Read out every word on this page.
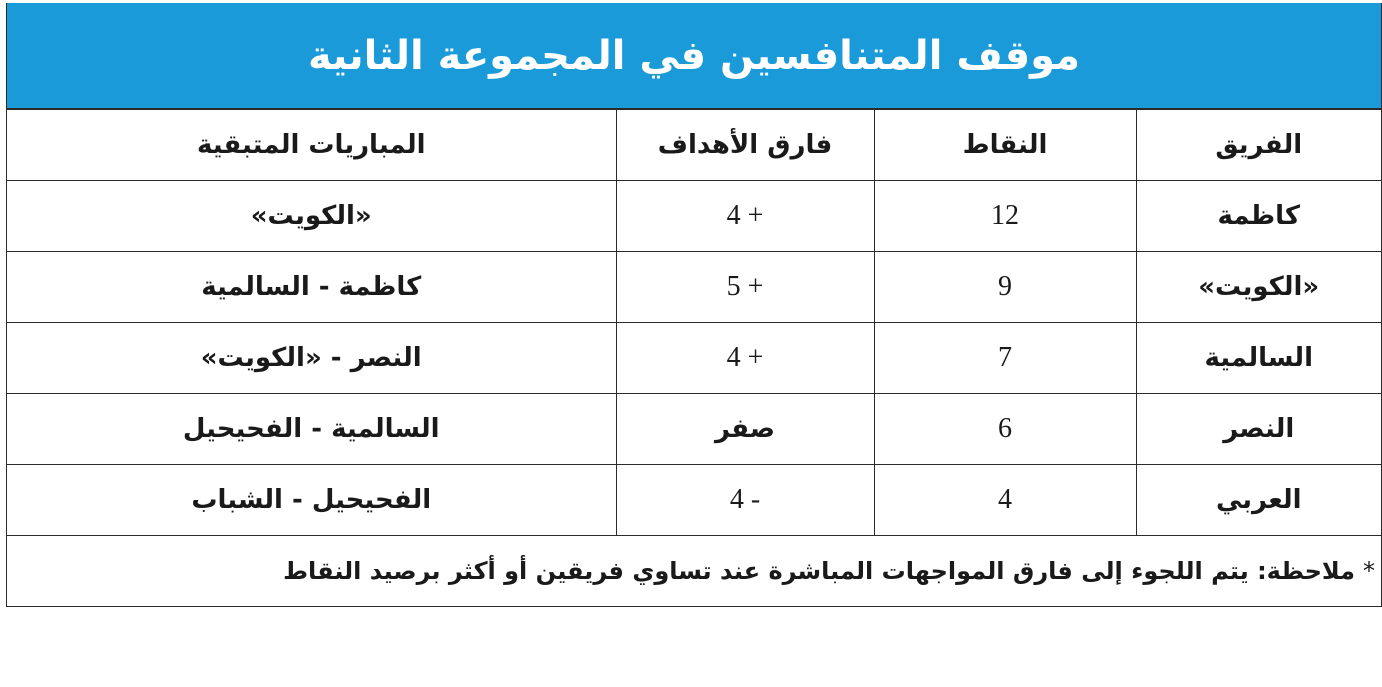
موقف المتنافسين في المجموعة الثانية
الفريق	النقاط	فارق الأهداف	المباريات المتبقية
كاظمة	12	+ 4	«الكويت»
«الكويت»	9	+ 5	كاظمة - السالمية
السالمية	7	+ 4	النصر - «الكويت»
النصر	6	صفر	السالمية - الفحيحيل
العربي	4	- 4	الفحيحيل - الشباب
*
ملاحظة: يتم اللجوء إلى فارق المواجهات المباشرة عند تساوي فريقين أو أكثر برصيد النقاط
